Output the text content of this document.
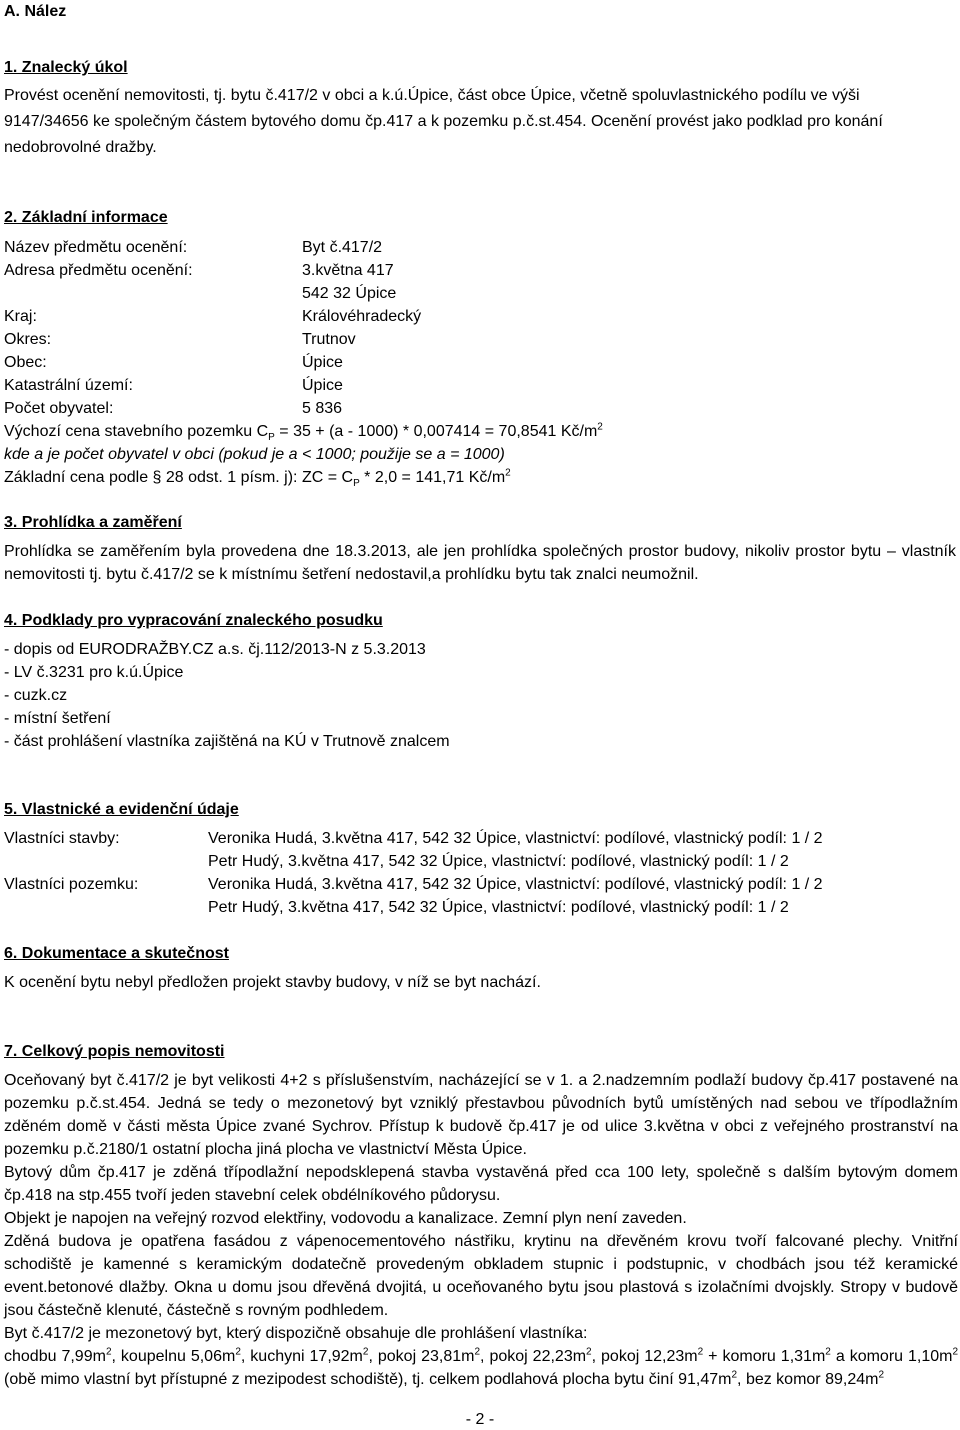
A. Nález
1. Znalecký úkol
Provést ocenění nemovitosti, tj. bytu č.417/2 v obci a k.ú.Úpice, část obce Úpice, včetně spoluvlastnického podílu ve výši
9147/34656 ke společným částem bytového domu čp.417 a k pozemku p.č.st.454. Ocenění provést jako podklad pro konání
nedobrovolné dražby.
2. Základní informace
Název předmětu ocenění:	Byt č.417/2
Adresa předmětu ocenění:	3.května 417
542 32 Úpice
Kraj:	Královéhradecký
Okres:	Trutnov
Obec:	Úpice
Katastrální území:	Úpice
Počet obyvatel:	5 836
Výchozí cena stavebního pozemku $C_P = 35 + (a - 1000) * 0,007414 = 70,8541$ $Kč/m^2$
kde a je počet obyvatel v obci (pokud je a < 1000; použije se a = 1000)
Základní cena podle § 28 odst. 1 písm. j): ZC = $C_P * 2,0 = 141,71$ $Kč/m^2$
3. Prohlídka a zaměření
Prohlídka se zaměřením byla provedena dne 18.3.2013, ale jen prohlídka společných prostor budovy, nikoliv prostor bytu – vlastník
nemovitosti tj. bytu č.417/2 se k místnímu šetření nedostavil,a prohlídku bytu tak znalci neumožnil.
4. Podklady pro vypracování znaleckého posudku
- dopis od EURODRAŽBY.CZ a.s. čj.112/2013-N z 5.3.2013
- LV č.3231 pro k.ú.Úpice
- cuzk.cz
- místní šetření
- část prohlášení vlastníka zajištěná na KÚ v Trutnově znalcem
5. Vlastnické a evidenční údaje
Vlastníci stavby:	Veronika Hudá, 3.května 417, 542 32 Úpice, vlastnictví: podílové, vlastnický podíl: 1 / 2
Petr Hudý, 3.května 417, 542 32 Úpice, vlastnictví: podílové, vlastnický podíl: 1 / 2
Vlastníci pozemku:	Veronika Hudá, 3.května 417, 542 32 Úpice, vlastnictví: podílové, vlastnický podíl: 1 / 2
Petr Hudý, 3.května 417, 542 32 Úpice, vlastnictví: podílové, vlastnický podíl: 1 / 2
6. Dokumentace a skutečnost
K ocenění bytu nebyl předložen projekt stavby budovy, v níž se byt nachází.
7. Celkový popis nemovitosti

Oceňovaný byt č.417/2 je byt velikosti 4+2 s příslušenstvím, nacházející se v 1. a 2.nadzemním podlaží budovy čp.417 postavené na pozemku p.č.st.454. Jedná se tedy o mezonetový byt vzniklý přestavbou původních bytů umístěných nad sebou ve třípodlažním zděném domě v části města Úpice zvané Sychrov. Přístup k budově čp.417 je od ulice 3.května v obci z veřejného prostranství na pozemku p.č.2180/1 ostatní plocha jiná plocha ve vlastnictví Města Úpice.

Bytový dům čp.417 je zděná třípodlažní nepodsklepená stavba vystavěná před cca 100 lety, společně s dalším bytovým domem čp.418 na stp.455 tvoří jeden stavební celek obdélníkového půdorysu.

Objekt je napojen na veřejný rozvod elektřiny, vodovodu a kanalizace. Zemní plyn není zaveden.

Zděná budova je opatřena fasádou z vápenocementového nástřiku, krytinu na dřevěném krovu tvoří falcované plechy. Vnitřní schodiště je kamenné s keramickým dodatečně provedeným obkladem stupnic i podstupnic, v chodbách jsou též keramické event.betonové dlažby. Okna u domu jsou dřevěná dvojitá, u oceňovaného bytu jsou plastová s izolačními dvojskly. Stropy v budově jsou částečně klenuté, částečně s rovným podhledem.

Byt č.417/2 je mezonetový byt, který dispozičně obsahuje dle prohlášení vlastníka:

chodbu $7,99m^2$, koupelnu $5,06m^2$, kuchyni $17,92m^2$, pokoj $23,81m^2$, pokoj $22,23m^2$, pokoj $12,23m^2$ + komoru $1,31m^2$ a komoru $1,10m^2$ (obě mimo vlastní byt přístupné z mezipodest schodiště), tj. celkem podlahová plocha bytu činí $91,47m^2$, bez komor $89,24m^2$

- 2 -
